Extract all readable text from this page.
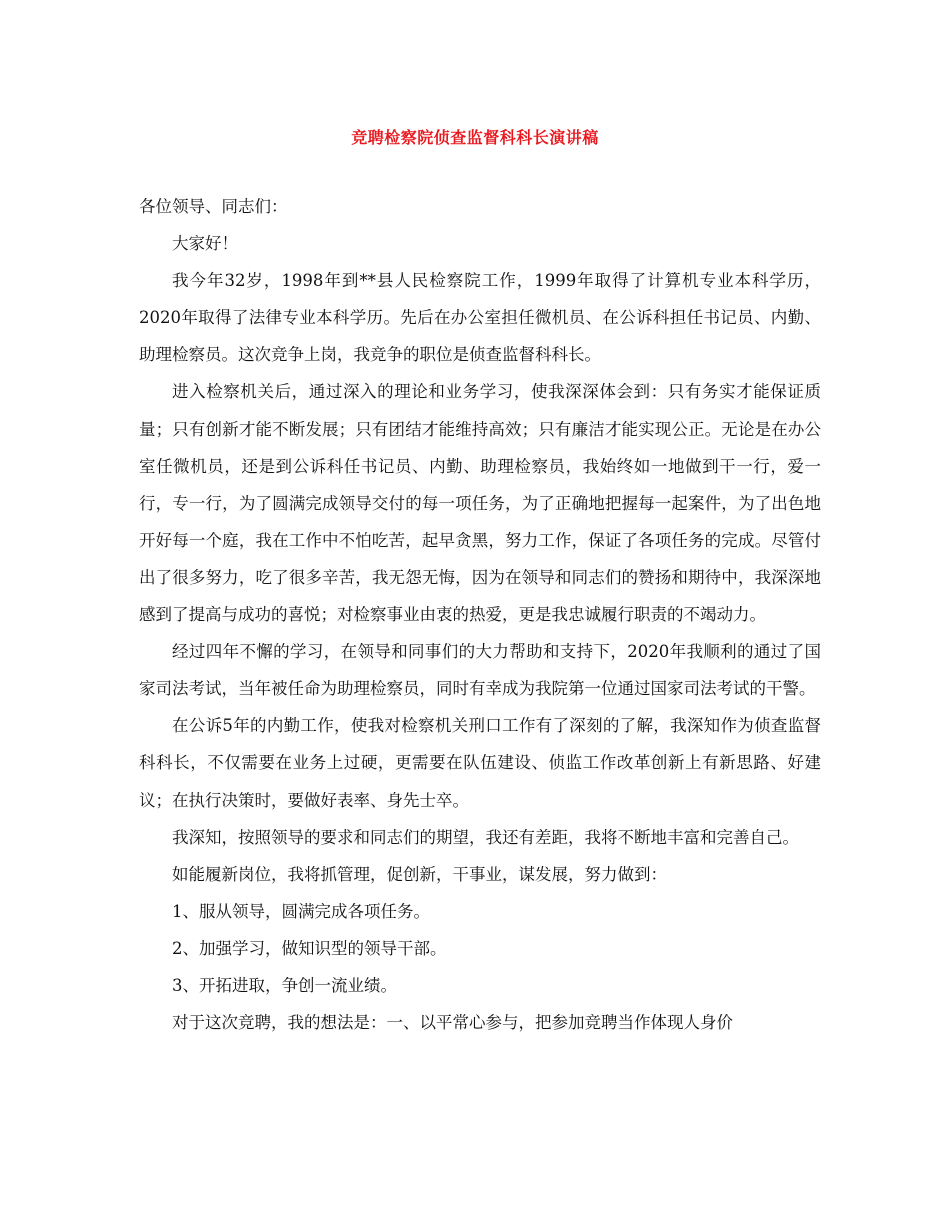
竞聘检察院侦查监督科科长演讲稿

各位领导、同志们：

大家好！

我今年32岁，1998年到**县人民检察院工作，1999年取得了计算机专业本科学历，2020年取得了法律专业本科学历。先后在办公室担任微机员、在公诉科担任书记员、内勤、助理检察员。这次竞争上岗，我竞争的职位是侦查监督科科长。

进入检察机关后，通过深入的理论和业务学习，使我深深体会到：只有务实才能保证质量；只有创新才能不断发展；只有团结才能维持高效；只有廉洁才能实现公正。无论是在办公室任微机员，还是到公诉科任书记员、内勤、助理检察员，我始终如一地做到干一行，爱一行，专一行，为了圆满完成领导交付的每一项任务，为了正确地把握每一起案件，为了出色地开好每一个庭，我在工作中不怕吃苦，起早贪黑，努力工作，保证了各项任务的完成。尽管付出了很多努力，吃了很多辛苦，我无怨无悔，因为在领导和同志们的赞扬和期待中，我深深地感到了提高与成功的喜悦；对检察事业由衷的热爱，更是我忠诚履行职责的不竭动力。

经过四年不懈的学习，在领导和同事们的大力帮助和支持下，2020年我顺利的通过了国家司法考试，当年被任命为助理检察员，同时有幸成为我院第一位通过国家司法考试的干警。

在公诉5年的内勤工作，使我对检察机关刑口工作有了深刻的了解，我深知作为侦查监督科科长，不仅需要在业务上过硬，更需要在队伍建设、侦监工作改革创新上有新思路、好建议；在执行决策时，要做好表率、身先士卒。

我深知，按照领导的要求和同志们的期望，我还有差距，我将不断地丰富和完善自己。

如能履新岗位，我将抓管理，促创新，干事业，谋发展，努力做到：

1、服从领导，圆满完成各项任务。

2、加强学习，做知识型的领导干部。

3、开拓进取，争创一流业绩。

对于这次竞聘，我的想法是：一、以平常心参与，把参加竞聘当作体现人身价
